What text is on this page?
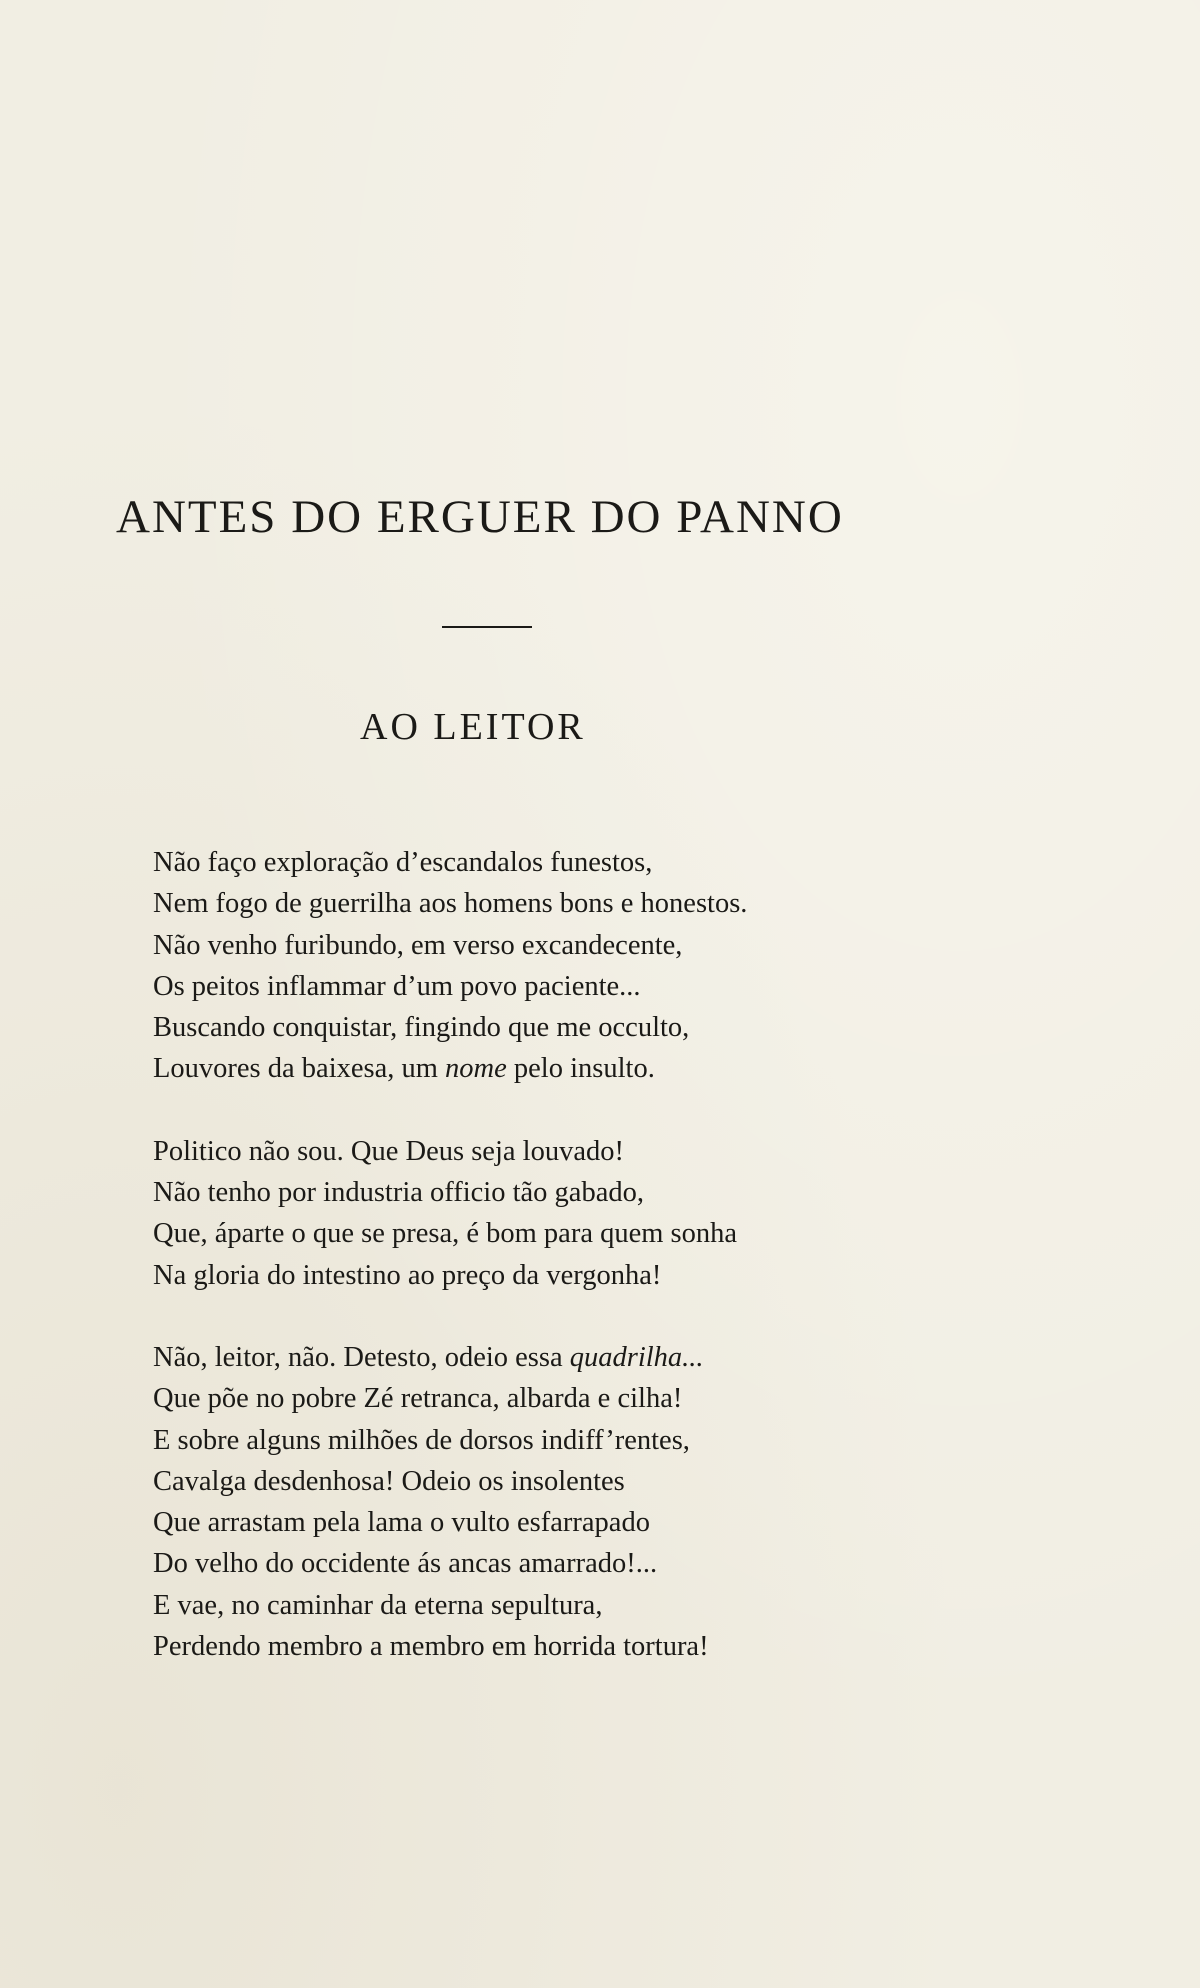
ANTES DO ERGUER DO PANNO
AO LEITOR
Não faço exploração d’escandalos funestos,
Nem fogo de guerrilha aos homens bons e honestos.
Não venho furibundo, em verso excandecente,
Os peitos inflammar d’um povo paciente...
Buscando conquistar, fingindo que me occulto,
Louvores da baixesa, um nome pelo insulto.
Politico não sou. Que Deus seja louvado!
Não tenho por industria officio tão gabado,
Que, áparte o que se presa, é bom para quem sonha
Na gloria do intestino ao preço da vergonha!
Não, leitor, não. Detesto, odeio essa quadrilha...
Que põe no pobre Zé retranca, albarda e cilha!
E sobre alguns milhões de dorsos indiff’rentes,
Cavalga desdenhosa! Odeio os insolentes
Que arrastam pela lama o vulto esfarrapado
Do velho do occidente ás ancas amarrado!...
E vae, no caminhar da eterna sepultura,
Perdendo membro a membro em horrida tortura!
